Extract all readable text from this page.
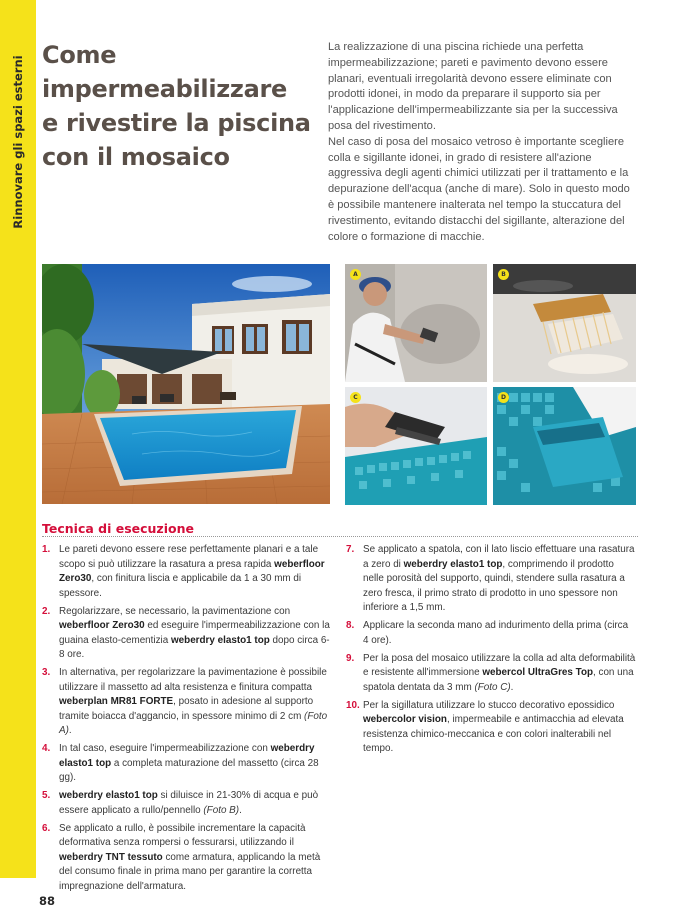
Rinnovare gli spazi esterni
Come
impermeabilizzare
e rivestire la piscina
con il mosaico

La realizzazione di una piscina richiede una perfetta impermeabilizzazione; pareti e pavimento devono essere planari, eventuali irregolarità devono essere eliminate con prodotti idonei, in modo da preparare il supporto sia per l'applicazione dell'impermeabilizzante sia per la successiva posa del rivestimento.

Nel caso di posa del mosaico vetroso è importante scegliere colla e sigillante idonei, in grado di resistere all'azione aggressiva degli agenti chimici utilizzati per il trattamento e la depurazione dell'acqua (anche di mare). Solo in questo modo è possibile mantenere inalterata nel tempo la stuccatura del rivestimento, evitando distacchi del sigillante, alterazione del colore o formazione di macchie.

A	B
C	D
Tecnica di esecuzione
1. Le pareti devono essere rese perfettamente planari e a tale scopo si può utilizzare la rasatura a presa rapida weberfloor Zero30, con finitura liscia e applicabile da 1 a 30 mm di spessore.
2. Regolarizzare, se necessario, la pavimentazione con weberfloor Zero30 ed eseguire l'impermeabilizzazione con la guaina elasto-cementizia weberdry elasto1 top dopo circa 6-8 ore.
3. In alternativa, per regolarizzare la pavimentazione è possibile utilizzare il massetto ad alta resistenza e finitura compatta weberplan MR81 FORTE, posato in adesione al supporto tramite boiacca d'aggancio, in spessore minimo di 2 cm (Foto A).
4. In tal caso, eseguire l'impermeabilizzazione con weberdry elasto1 top a completa maturazione del massetto (circa 28 gg).
5. weberdry elasto1 top si diluisce in 21-30% di acqua e può essere applicato a rullo/pennello (Foto B).
6. Se applicato a rullo, è possibile incrementare la capacità deformativa senza rompersi o fessurarsi, utilizzando il weberdry TNT tessuto come armatura, applicando la metà del consumo finale in prima mano per garantire la corretta impregnazione dell'armatura.
7. Se applicato a spatola, con il lato liscio effettuare una rasatura a zero di weberdry elasto1 top, comprimendo il prodotto nelle porosità del supporto, quindi, stendere sulla rasatura a zero fresca, il primo strato di prodotto in uno spessore non inferiore a 1,5 mm.
8. Applicare la seconda mano ad indurimento della prima (circa 4 ore).
9. Per la posa del mosaico utilizzare la colla ad alta deformabilità e resistente all'immersione webercol UltraGres Top, con una spatola dentata da 3 mm (Foto C).
10. Per la sigillatura utilizzare lo stucco decorativo epossidico webercolor vision, impermeabile e antimacchia ad elevata resistenza chimico-meccanica e con colori inalterabili nel tempo.
88
